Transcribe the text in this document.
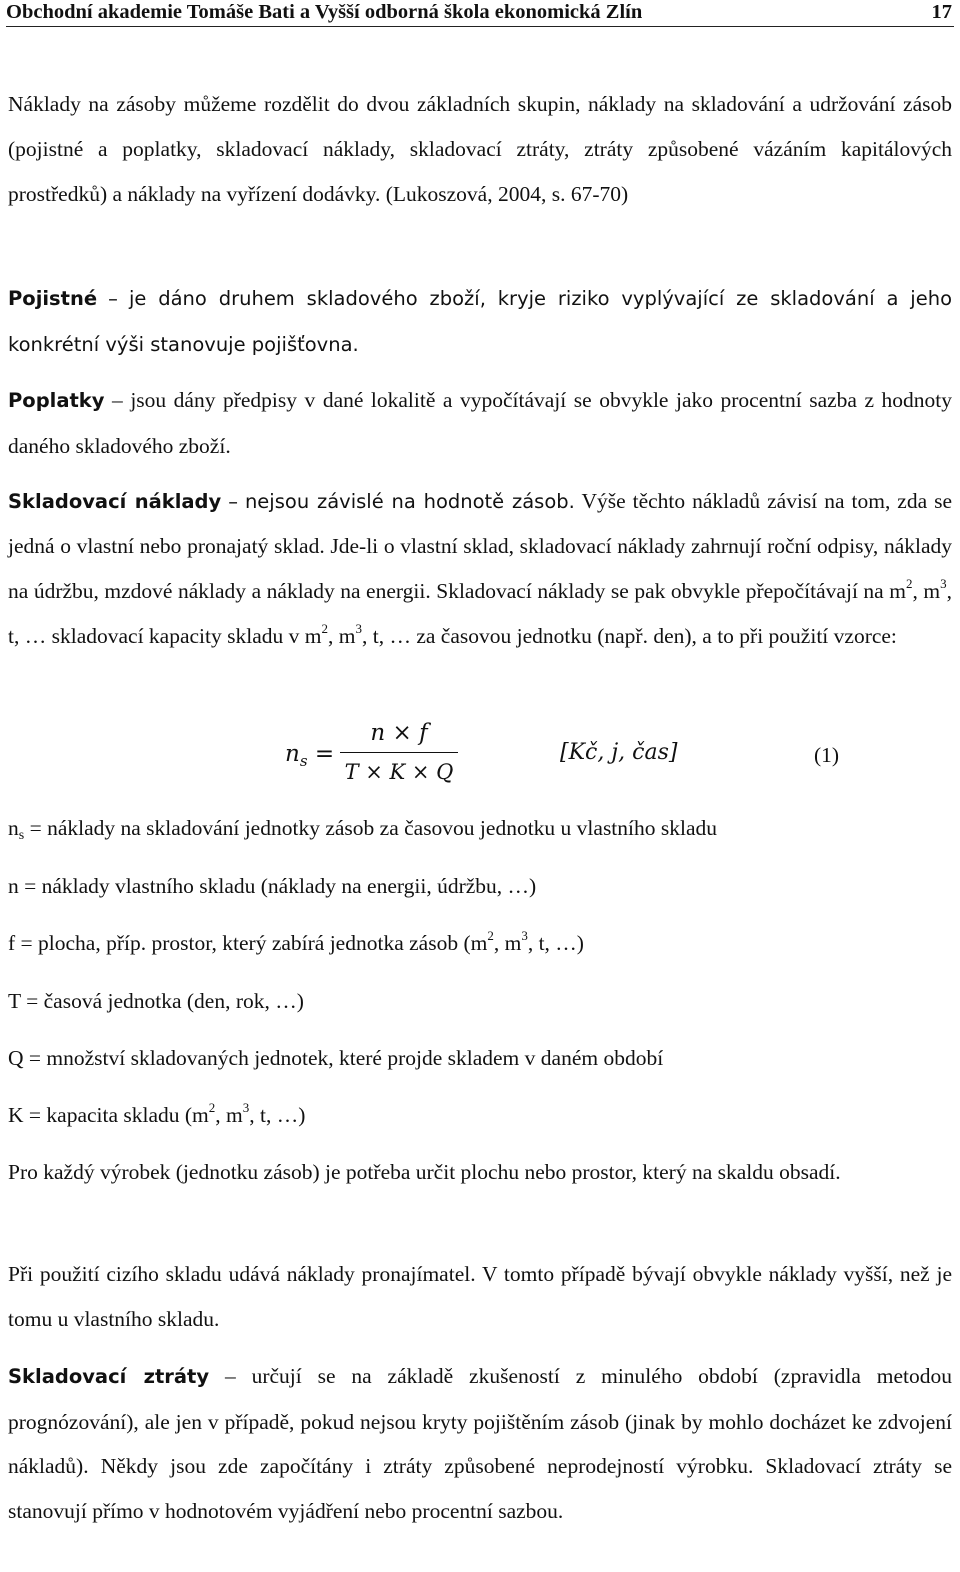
Obchodní akademie Tomáše Bati a Vyšší odborná škola ekonomická Zlín	17

Náklady na zásoby můžeme rozdělit do dvou základních skupin, náklady na skladování a udržování zásob (pojistné a poplatky, skladovací náklady, skladovací ztráty, ztráty způsobené vázáním kapitálových prostředků) a náklady na vyřízení dodávky. (Lukoszová, 2004, s. 67-70)

Pojistné – je dáno druhem skladového zboží, kryje riziko vyplývající ze skladování a jeho konkrétní výši stanovuje pojišťovna.

Poplatky – jsou dány předpisy v dané lokalitě a vypočítávají se obvykle jako procentní sazba z hodnoty daného skladového zboží.

Skladovací náklady – nejsou závislé na hodnotě zásob. Výše těchto nákladů závisí na tom, zda se jedná o vlastní nebo pronajatý sklad. Jde-li o vlastní sklad, skladovací náklady zahrnují roční odpisy, náklady na údržbu, mzdové náklady a náklady na energii. Skladovací náklady se pak obvykle přepočítávají na $m^2$, $m^3$, t, … skladovací kapacity skladu v $m^2$, $m^3$, t, … za časovou jednotku (např. den), a to při použití vzorce:

$n_s$ =
n × f
T × K × Q
[Kč, j, čas]	(1)

$n_s$ = náklady na skladování jednotky zásob za časovou jednotku u vlastního skladu

n = náklady vlastního skladu (náklady na energii, údržbu, …)

f = plocha, příp. prostor, který zabírá jednotka zásob ($m^2$, $m^3$, t, …)

T = časová jednotka (den, rok, …)

Q = množství skladovaných jednotek, které projde skladem v daném období

K = kapacita skladu ($m^2$, $m^3$, t, …)

Pro každý výrobek (jednotku zásob) je potřeba určit plochu nebo prostor, který na skaldu obsadí.

Při použití cizího skladu udává náklady pronajímatel. V tomto případě bývají obvykle náklady vyšší, než je tomu u vlastního skladu.

Skladovací ztráty – určují se na základě zkušeností z minulého období (zpravidla metodou prognózování), ale jen v případě, pokud nejsou kryty pojištěním zásob (jinak by mohlo docházet ke zdvojení nákladů). Někdy jsou zde započítány i ztráty způsobené neprodejností výrobku. Skladovací ztráty se stanovují přímo v hodnotovém vyjádření nebo procentní sazbou.
